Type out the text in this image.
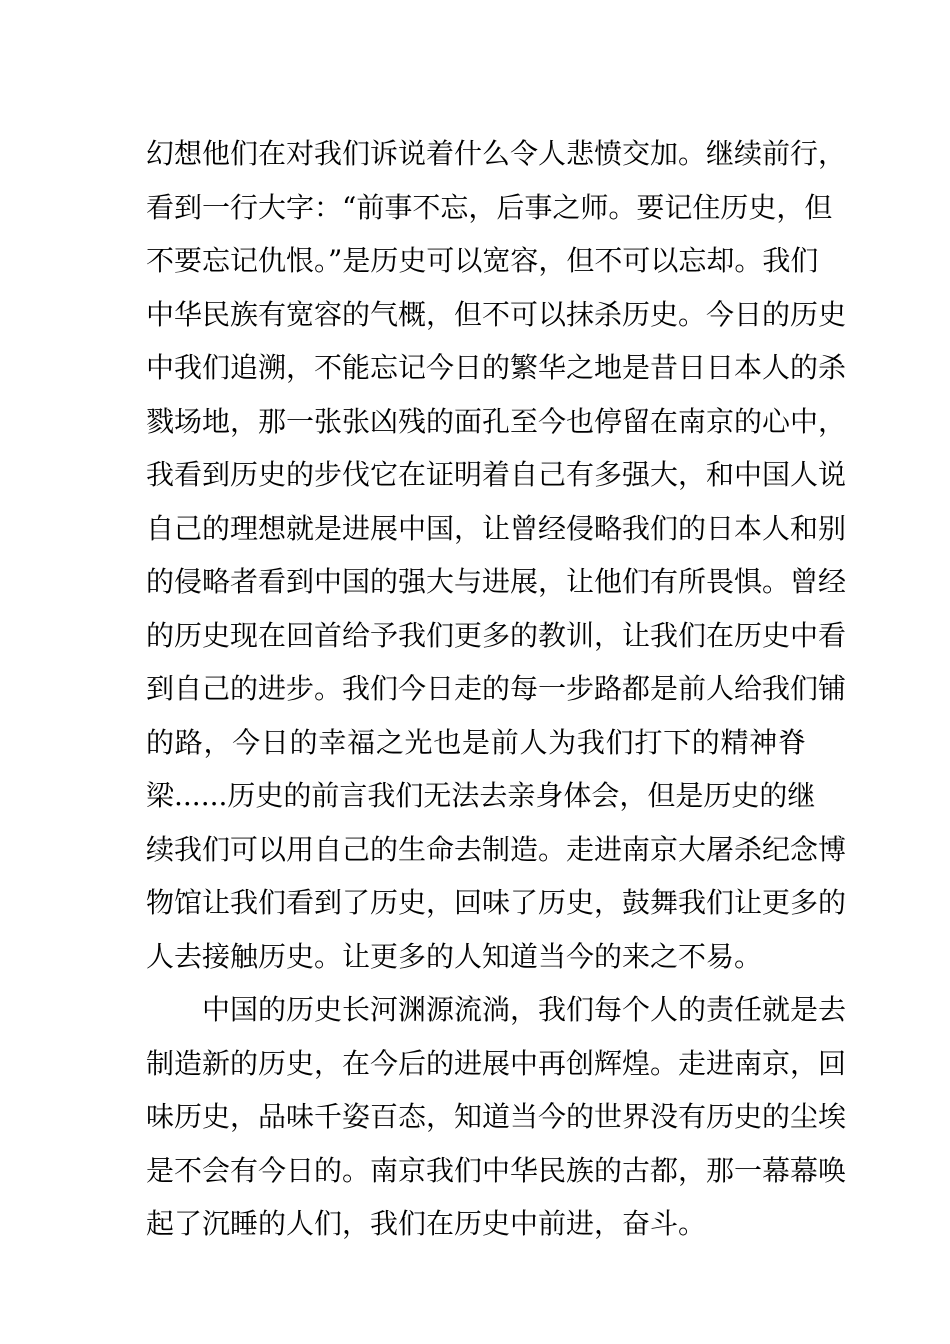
幻想他们在对我们诉说着什么令人悲愤交加。继续前行，
看到一行大字：“前事不忘，后事之师。要记住历史，但
不要忘记仇恨。”是历史可以宽容，但不可以忘却。我们
中华民族有宽容的气概，但不可以抹杀历史。今日的历史
中我们追溯，不能忘记今日的繁华之地是昔日日本人的杀
戮场地，那一张张凶残的面孔至今也停留在南京的心中，
我看到历史的步伐它在证明着自己有多强大，和中国人说
自己的理想就是进展中国，让曾经侵略我们的日本人和别
的侵略者看到中国的强大与进展，让他们有所畏惧。曾经
的历史现在回首给予我们更多的教训，让我们在历史中看
到自己的进步。我们今日走的每一步路都是前人给我们铺
的路，今日的幸福之光也是前人为我们打下的精神脊
梁......历史的前言我们无法去亲身体会，但是历史的继
续我们可以用自己的生命去制造。走进南京大屠杀纪念博
物馆让我们看到了历史，回味了历史，鼓舞我们让更多的
人去接触历史。让更多的人知道当今的来之不易。
中国的历史长河渊源流淌，我们每个人的责任就是去
制造新的历史，在今后的进展中再创辉煌。走进南京，回
味历史，品味千姿百态，知道当今的世界没有历史的尘埃
是不会有今日的。南京我们中华民族的古都，那一幕幕唤
起了沉睡的人们，我们在历史中前进，奋斗。
